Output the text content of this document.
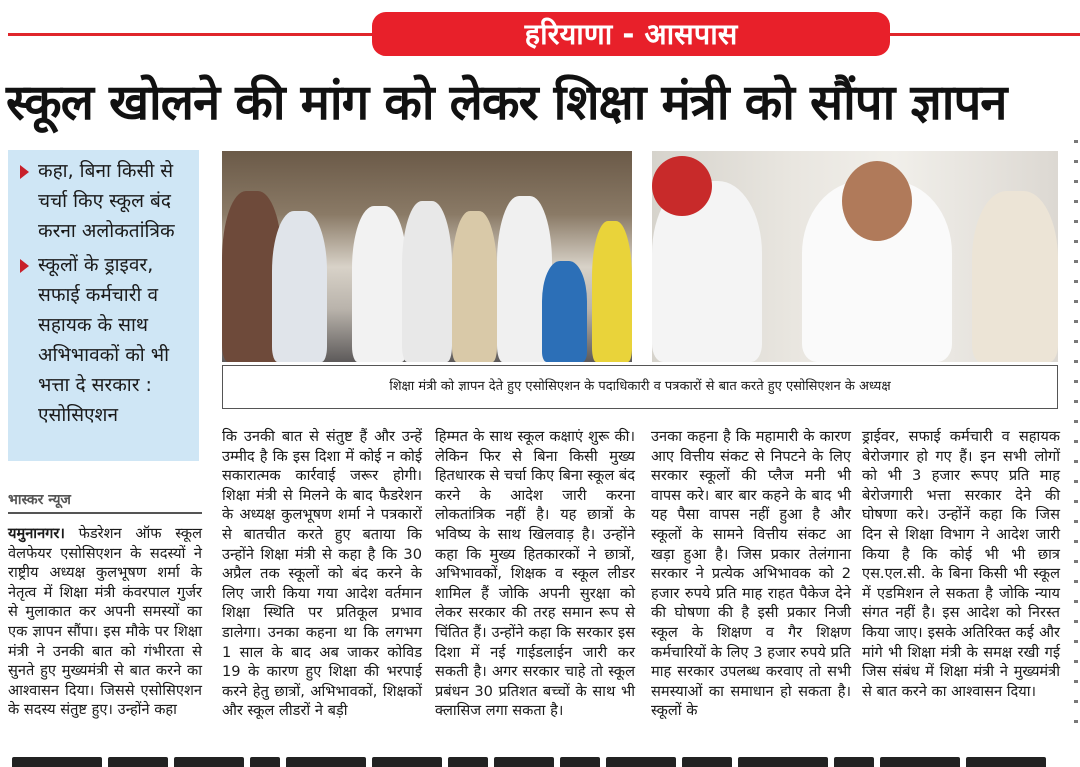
हरियाणा - आसपास
स्कूल खोलने की मांग को लेकर शिक्षा मंत्री को सौंपा ज्ञापन
कहा, बिना किसी से चर्चा किए स्कूल बंद करना अलोकतांत्रिक
स्कूलों के ड्राइवर, सफाई कर्मचारी व सहायक के साथ अभिभावकों को भी भत्ता दे सरकार : एसोसिएशन
शिक्षा मंत्री को ज्ञापन देते हुए एसोसिएशन के पदाधिकारी व पत्रकारों से बात करते हुए एसोसिएशन के अध्यक्ष
भास्कर न्यूज
यमुनानगर। फेडरेशन ऑफ स्कूल वेलफेयर एसोसिएशन के सदस्यों ने राष्ट्रीय अध्यक्ष कुलभूषण शर्मा के नेतृत्व में शिक्षा मंत्री कंवरपाल गुर्जर से मुलाकात कर अपनी समस्यों का एक ज्ञापन सौंपा। इस मौके पर शिक्षा मंत्री ने उनकी बात को गंभीरता से सुनते हुए मुख्यमंत्री से बात करने का आश्वासन दिया। जिससे एसोसिएशन के सदस्य संतुष्ट हुए। उन्होंने कहा
कि उनकी बात से संतुष्ट हैं और उन्हें उम्मीद है कि इस दिशा में कोई न कोई सकारात्मक कार्रवाई जरूर होगी। शिक्षा मंत्री से मिलने के बाद फैडरेशन के अध्यक्ष कुलभूषण शर्मा ने पत्रकारों से बातचीत करते हुए बताया कि उन्होंने शिक्षा मंत्री से कहा है कि 30 अप्रैल तक स्कूलों को बंद करने के लिए जारी किया गया आदेश वर्तमान शिक्षा स्थिति पर प्रतिकूल प्रभाव डालेगा। उनका कहना था कि लगभग 1 साल के बाद अब जाकर कोविड 19 के कारण हुए शिक्षा की भरपाई करने हेतु छात्रों, अभिभावकों, शिक्षकों और स्कूल लीडरों ने बड़ी
हिम्मत के साथ स्कूल कक्षाएं शुरू की। लेकिन फिर से बिना किसी मुख्य हितधारक से चर्चा किए बिना स्कूल बंद करने के आदेश जारी करना लोकतांत्रिक नहीं है। यह छात्रों के भविष्य के साथ खिलवाड़ है। उन्होंने कहा कि मुख्य हितकारकों ने छात्रों, अभिभावकों, शिक्षक व स्कूल लीडर शामिल हैं जोकि अपनी सुरक्षा को लेकर सरकार की तरह समान रूप से चिंतित हैं। उन्होंने कहा कि सरकार इस दिशा में नई गाईडलाईन जारी कर सकती है। अगर सरकार चाहे तो स्कूल प्रबंधन 30 प्रतिशत बच्चों के साथ भी क्लासिज लगा सकता है।
उनका कहना है कि महामारी के कारण आए वित्तीय संकट से निपटने के लिए सरकार स्कूलों की प्लैज मनी भी वापस करे। बार बार कहने के बाद भी यह पैसा वापस नहीं हुआ है और स्कूलों के सामने वित्तीय संकट आ खड़ा हुआ है। जिस प्रकार तेलंगाना सरकार ने प्रत्येक अभिभावक को 2 हजार रुपये प्रति माह राहत पैकेज देने की घोषणा की है इसी प्रकार निजी स्कूल के शिक्षण व गैर शिक्षण कर्मचारियों के लिए 3 हजार रुपये प्रति माह सरकार उपलब्ध करवाए तो सभी समस्याओं का समाधान हो सकता है। स्कूलों के
ड्राईवर, सफाई कर्मचारी व सहायक बेरोजगार हो गए हैं। इन सभी लोगों को भी 3 हजार रूपए प्रति माह बेरोजगारी भत्ता सरकार देने की घोषणा करे। उन्होंनें कहा कि जिस दिन से शिक्षा विभाग ने आदेश जारी किया है कि कोई भी भी छात्र एस.एल.सी. के बिना किसी भी स्कूल में एडमिशन ले सकता है जोकि न्याय संगत नहीं है। इस आदेश को निरस्त किया जाए। इसके अतिरिक्त कई और मांगे भी शिक्षा मंत्री के समक्ष रखी गई जिस संबंध में शिक्षा मंत्री ने मुख्यमंत्री से बात करने का आश्वासन दिया।
